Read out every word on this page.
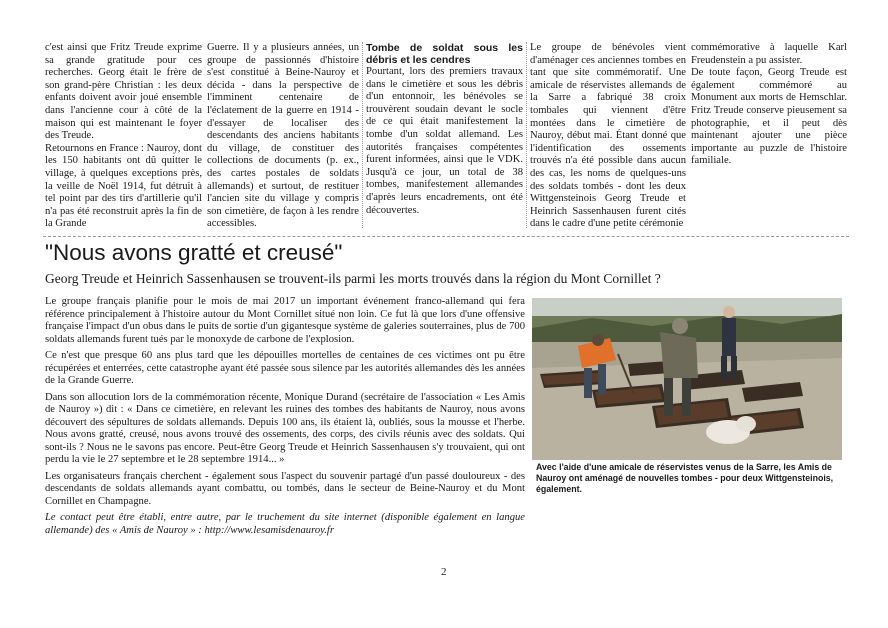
c'est ainsi que Fritz Treude exprime sa grande gratitude pour ces recherches. Georg était le frère de son grand-père Christian : les deux enfants doivent avoir joué ensemble dans l'ancienne cour à côté de la maison qui est maintenant le foyer des Treude.

Retournons en France : Nauroy, dont les 150 habitants ont dû quitter le village, à quelques exceptions près, la veille de Noël 1914, fut détruit à tel point par des tirs d'artillerie qu'il n'a pas été reconstruit après la fin de la Grande

Guerre. Il y a plusieurs années, un groupe de passionnés d'histoire s'est constitué à Beine-Nauroy et décida - dans la perspective de l'imminent centenaire de l'éclatement de la guerre en 1914 - d'essayer de localiser des descendants des anciens habitants du village, de constituer des collections de documents (p. ex., des cartes postales de soldats allemands) et surtout, de restituer l'ancien site du village y compris son cimetière, de façon à les rendre accessibles.

Tombe de soldat sous les débris et les cendres

Pourtant, lors des premiers travaux dans le cimetière et sous les débris d'un entonnoir, les bénévoles se trouvèrent soudain devant le socle de ce qui était manifestement la tombe d'un soldat allemand. Les autorités françaises compétentes furent informées, ainsi que le VDK. Jusqu'à ce jour, un total de 38 tombes, manifestement allemandes d'après leurs encadrements, ont été découvertes.

Le groupe de bénévoles vient d'aménager ces anciennes tombes en tant que site commémoratif. Une amicale de réservistes allemands de la Sarre a fabriqué 38 croix tombales qui viennent d'être montées dans le cimetière de Nauroy, début mai. Étant donné que l'identification des ossements trouvés n'a été possible dans aucun des cas, les noms de quelques-uns des soldats tombés - dont les deux Wittgensteinois Georg Treude et Heinrich Sassenhausen furent cités dans le cadre d'une petite cérémonie

commémorative à laquelle Karl Freudenstein a pu assister.

De toute façon, Georg Treude est également commémoré au Monument aux morts de Hemschlar. Fritz Treude conserve pieusement sa photographie, et il peut dès maintenant ajouter une pièce importante au puzzle de l'histoire familiale.

"Nous avons gratté et creusé"

Georg Treude et Heinrich Sassenhausen se trouvent-ils parmi les morts trouvés dans la région du Mont Cornillet ?

Le groupe français planifie pour le mois de mai 2017 un important événement franco-allemand qui fera référence principalement à l'histoire autour du Mont Cornillet situé non loin. Ce fut là que lors d'une offensive française l'impact d'un obus dans le puits de sortie d'un gigantesque système de galeries souterraines, plus de 700 soldats allemands furent tués par le monoxyde de carbone de l'explosion.

Ce n'est que presque 60 ans plus tard que les dépouilles mortelles de centaines de ces victimes ont pu être récupérées et enterrées, cette catastrophe ayant été passée sous silence par les autorités allemandes dès les années de la Grande Guerre.

Dans son allocution lors de la commémoration récente, Monique Durand (secrétaire de l'association « Les Amis de Nauroy ») dit : « Dans ce cimetière, en relevant les ruines des tombes des habitants de Nauroy, nous avons découvert des sépultures de soldats allemands. Depuis 100 ans, ils étaient là, oubliés, sous la mousse et l'herbe. Nous avons gratté, creusé, nous avons trouvé des ossements, des corps, des civils réunis avec des soldats. Qui sont-ils ? Nous ne le savons pas encore. Peut-être Georg Treude et Heinrich Sassenhausen s'y trouvaient, qui ont perdu la vie le 27 septembre et le 28 septembre 1914... »

Les organisateurs français cherchent - également sous l'aspect du souvenir partagé d'un passé douloureux - des descendants de soldats allemands ayant combattu, ou tombés, dans le secteur de Beine-Nauroy et du Mont Cornillet en Champagne.

Le contact peut être établi, entre autre, par le truchement du site internet (disponible également en langue allemande) des « Amis de Nauroy » : http://www.lesamisdenauroy.fr

Avec l'aide d'une amicale de réservistes venus de la Sarre, les Amis de Nauroy ont aménagé de nouvelles tombes - pour deux Wittgensteinois, également.

2
